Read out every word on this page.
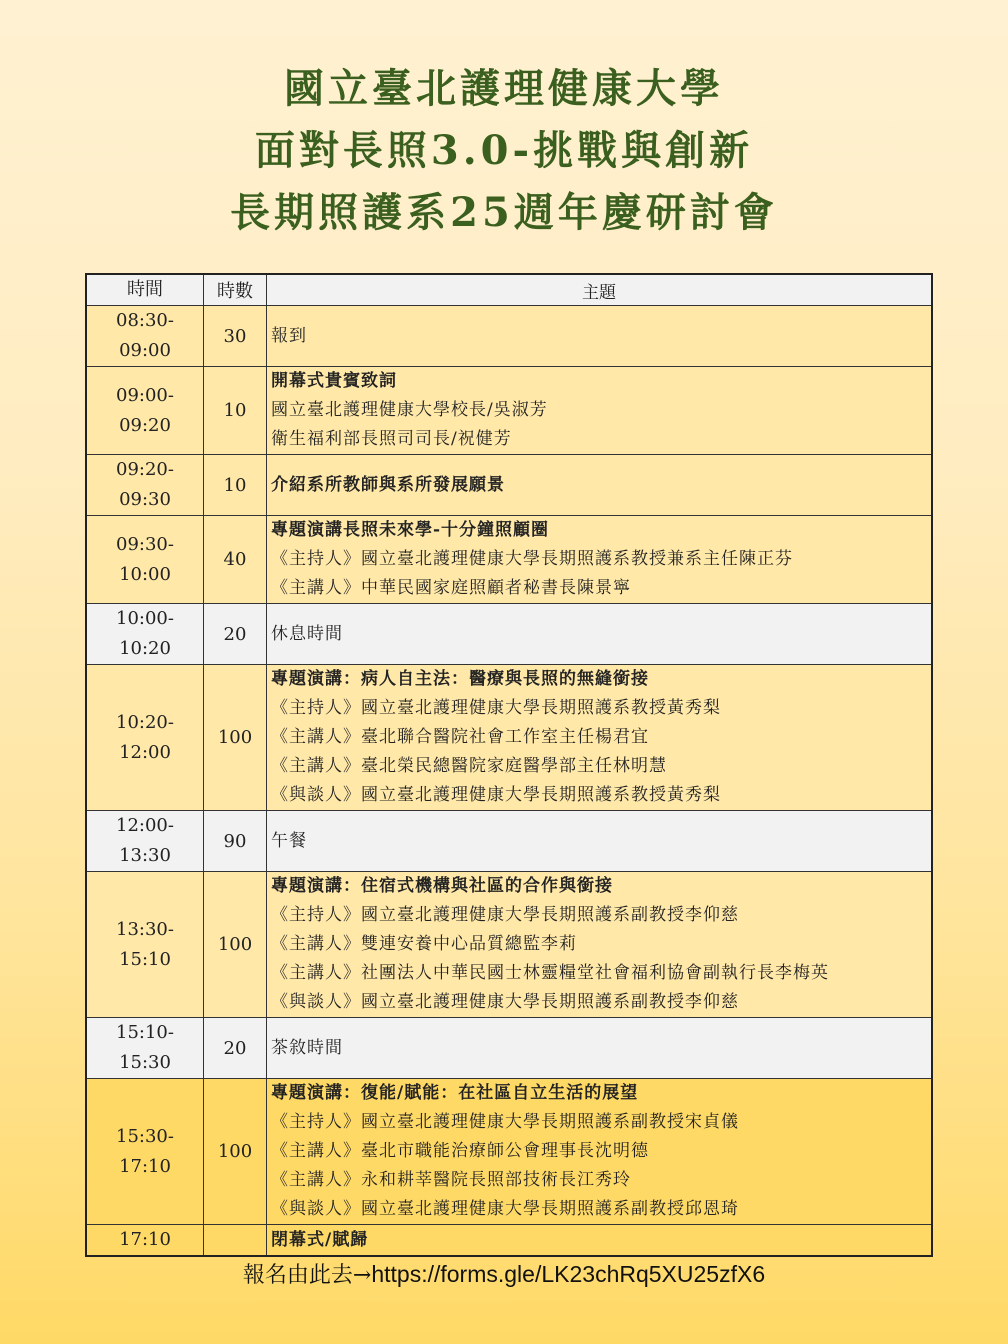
國立臺北護理健康大學
面對長照3.0-挑戰與創新
長期照護系25週年慶研討會
時間	時數	主題

08:30-
09:00	30	報到

09:00-
09:20
	10	
開幕式貴賓致詞
國立臺北護理健康大學校長/吳淑芳
衛生福利部長照司司長/祝健芳

09:20-
09:30	10	介紹系所教師與系所發展願景

09:30-
10:00
	40	
專題演講長照未來學-十分鐘照顧圈
《主持人》國立臺北護理健康大學長期照護系教授兼系主任陳正芬
《主講人》中華民國家庭照顧者秘書長陳景寧

10:00-
10:20	20	休息時間

10:20-
12:00
	100	
專題演講：病人自主法：醫療與長照的無縫銜接
《主持人》國立臺北護理健康大學長期照護系教授黃秀梨
《主講人》臺北聯合醫院社會工作室主任楊君宜
《主講人》臺北榮民總醫院家庭醫學部主任林明慧
《與談人》國立臺北護理健康大學長期照護系教授黃秀梨

12:00-
13:30	90	午餐

13:30-
15:10
	100	
專題演講：住宿式機構與社區的合作與銜接
《主持人》國立臺北護理健康大學長期照護系副教授李仰慈
《主講人》雙連安養中心品質總監李莉
《主講人》社團法人中華民國士林靈糧堂社會福利協會副執行長李梅英
《與談人》國立臺北護理健康大學長期照護系副教授李仰慈

15:10-
15:30	20	茶敘時間

15:30-
17:10
	100	
專題演講：復能/賦能：在社區自立生活的展望
《主持人》國立臺北護理健康大學長期照護系副教授宋貞儀
《主講人》臺北市職能治療師公會理事長沈明德
《主講人》永和耕莘醫院長照部技術長江秀玲
《與談人》國立臺北護理健康大學長期照護系副教授邱恩琦

17:10		閉幕式/賦歸
報名由此去→https://forms.gle/LK23chRq5XU25zfX6
